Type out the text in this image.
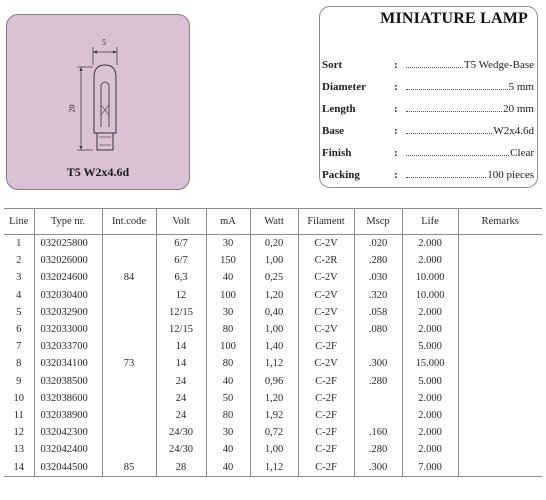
5
20
T5 W2x4.6d
MINIATURE LAMP
Sort	:	T5 Wedge-Base
Diameter	:	5 mm
Length	:	20 mm
Base	:	W2x4.6d
Finish	:	Clear
Packing	:	100 pieces
Line	Type nr.	Int.code	Volt	mA	Watt	Filament	Mscp	Life	Remarks
1	032025800		6/7	30	0,20	C-2V	.020	2.000	
2	032026000		6/7	150	1,00	C-2R	.280	2.000	
3	032024600	84	6,3	40	0,25	C-2V	.030	10.000	
4	032030400		12	100	1,20	C-2V	.320	10.000	
5	032032900		12/15	30	0,40	C-2V	.058	2.000	
6	032033000		12/15	80	1,00	C-2V	.080	2.000	
7	032033700		14	100	1,40	C-2F		5.000	
8	032034100	73	14	80	1,12	C-2V	.300	15.000	
9	032038500		24	40	0,96	C-2F	.280	5.000	
10	032038600		24	50	1,20	C-2F		2.000	
11	032038900		24	80	1,92	C-2F		2.000	
12	032042300		24/30	30	0,72	C-2F	.160	2.000	
13	032042400		24/30	40	1,00	C-2F	.280	2.000	
14	032044500	85	28	40	1,12	C-2F	.300	7.000	
